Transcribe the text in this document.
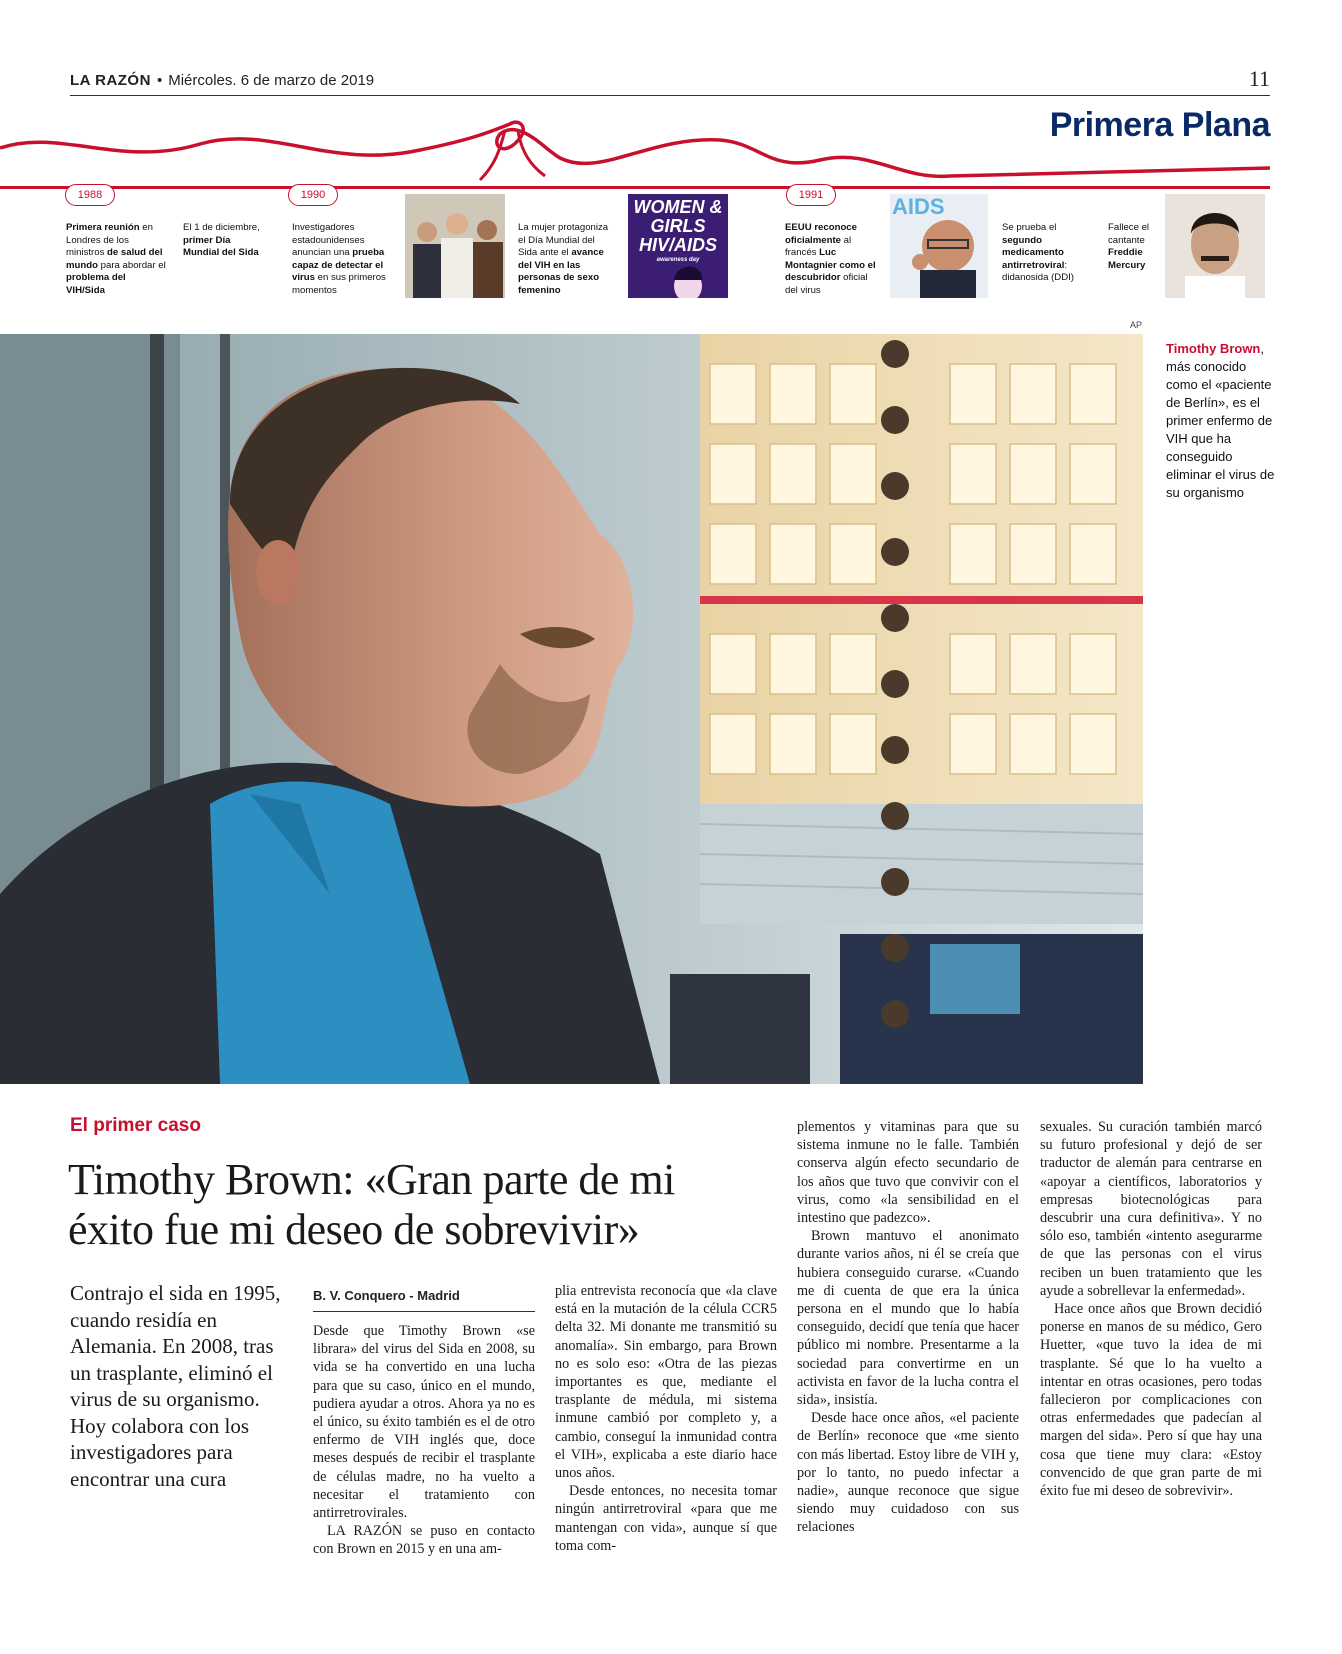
LA RAZÓN • Miércoles. 6 de marzo de 2019	11
Primera Plana
1988	1990	1991
Primera reunión en Londres de los ministros de salud del mundo para abordar el problema del VIH/Sida
El 1 de diciembre, primer Día Mundial del Sida
Investigadores estadounidenses anuncian una prueba capaz de detectar el virus en sus primeros momentos
La mujer protagoniza el Día Mundial del Sida ante el avance del VIH en las personas de sexo femenino
WOMEN & GIRLS HIV/AIDS
awareness day
EEUU reconoce oficialmente al francés Luc Montagnier como el descubridor oficial del virus
AIDS
Se prueba el segundo medicamento antirretroviral: didanosida (DDI)
Fallece el cantante Freddie Mercury
AP
Timothy Brown, más conocido como el «paciente de Berlín», es el primer enfermo de VIH que ha conseguido eliminar el virus de su organismo
El primer caso
Timothy Brown: «Gran parte de mi éxito fue mi deseo de sobrevivir»
Contrajo el sida en 1995, cuando residía en Alemania. En 2008, tras un trasplante, eliminó el virus de su organismo. Hoy colabora con los investigadores para encontrar una cura
B. V. Conquero - Madrid

Desde que Timothy Brown «se librara» del virus del Sida en 2008, su vida se ha convertido en una lucha para que su caso, único en el mundo, pudiera ayudar a otros. Ahora ya no es el único, su éxito también es el de otro enfermo de VIH inglés que, doce meses después de recibir el trasplante de células madre, no ha vuelto a necesitar el tratamiento con antirretrovirales.

LA RAZÓN se puso en contacto con Brown en 2015 y en una am-

plia entrevista reconocía que «la clave está en la mutación de la célula CCR5 delta 32. Mi donante me transmitió su anomalía». Sin embargo, para Brown no es solo eso: «Otra de las piezas importantes es que, mediante el trasplante de médula, mi sistema inmune cambió por completo y, a cambio, conseguí la inmunidad contra el VIH», explicaba a este diario hace unos años.

Desde entonces, no necesita tomar ningún antirretroviral «para que me mantengan con vida», aunque sí que toma com-

plementos y vitaminas para que su sistema inmune no le falle. También conserva algún efecto secundario de los años que tuvo que convivir con el virus, como «la sensibilidad en el intestino que padezco».

Brown mantuvo el anonimato durante varios años, ni él se creía que hubiera conseguido curarse. «Cuando me di cuenta de que era la única persona en el mundo que lo había conseguido, decidí que tenía que hacer público mi nombre. Presentarme a la sociedad para convertirme en un activista en favor de la lucha contra el sida», insistía.

Desde hace once años, «el paciente de Berlín» reconoce que «me siento con más libertad. Estoy libre de VIH y, por lo tanto, no puedo infectar a nadie», aunque reconoce que sigue siendo muy cuidadoso con sus relaciones

sexuales. Su curación también marcó su futuro profesional y dejó de ser traductor de alemán para centrarse en «apoyar a científicos, laboratorios y empresas biotecnológicas para descubrir una cura definitiva». Y no sólo eso, también «intento asegurarme de que las personas con el virus reciben un buen tratamiento que les ayude a sobrellevar la enfermedad».

Hace once años que Brown decidió ponerse en manos de su médico, Gero Huetter, «que tuvo la idea de mi trasplante. Sé que lo ha vuelto a intentar en otras ocasiones, pero todas fallecieron por complicaciones con otras enfermedades que padecían al margen del sida». Pero sí que hay una cosa que tiene muy clara: «Estoy convencido de que gran parte de mi éxito fue mi deseo de sobrevivir».
